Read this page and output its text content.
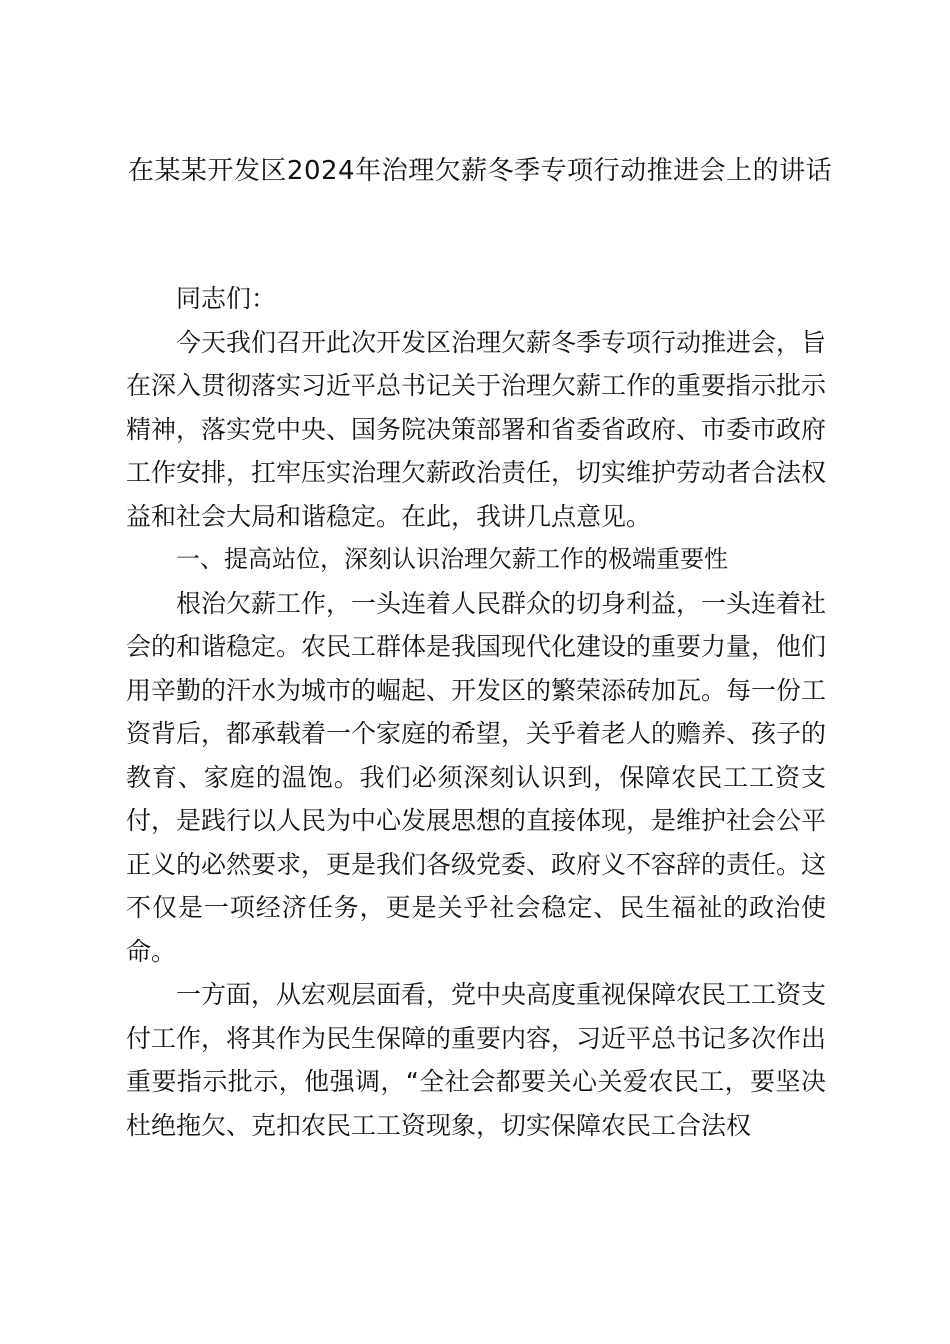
在某某开发区2024年治理欠薪冬季专项行动推进会上的讲话

同志们：

今天我们召开此次开发区治理欠薪冬季专项行动推进会，旨在深入贯彻落实习近平总书记关于治理欠薪工作的重要指示批示精神，落实党中央、国务院决策部署和省委省政府、市委市政府工作安排，扛牢压实治理欠薪政治责任，切实维护劳动者合法权益和社会大局和谐稳定。在此，我讲几点意见。

一、提高站位，深刻认识治理欠薪工作的极端重要性

根治欠薪工作，一头连着人民群众的切身利益，一头连着社会的和谐稳定。农民工群体是我国现代化建设的重要力量，他们用辛勤的汗水为城市的崛起、开发区的繁荣添砖加瓦。每一份工资背后，都承载着一个家庭的希望，关乎着老人的赡养、孩子的教育、家庭的温饱。我们必须深刻认识到，保障农民工工资支付，是践行以人民为中心发展思想的直接体现，是维护社会公平正义的必然要求，更是我们各级党委、政府义不容辞的责任。这不仅是一项经济任务，更是关乎社会稳定、民生福祉的政治使命。

一方面，从宏观层面看，党中央高度重视保障农民工工资支付工作，将其作为民生保障的重要内容，习近平总书记多次作出重要指示批示，他强调，“全社会都要关心关爱农民工，要坚决杜绝拖欠、克扣农民工工资现象，切实保障农民工合法权
